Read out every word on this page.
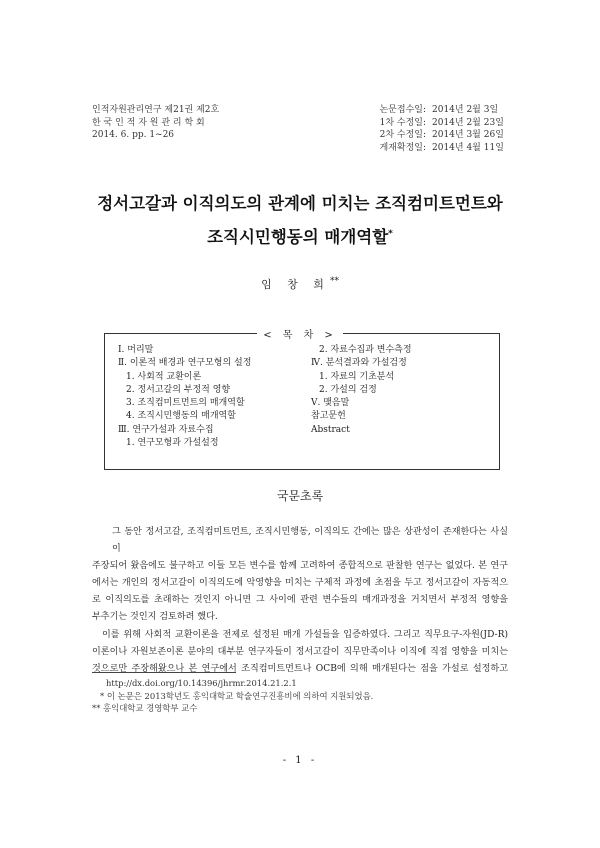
인적자원관리연구 제21권 제2호
한 국 인 적 자 원 관 리 학 회
2014. 6. pp. 1~26
논문접수일: 2014년 2월 3일
1차 수정일: 2014년 2월 23일
2차 수정일: 2014년 3월 26일
게재확정일: 2014년 4월 11일
정서고갈과 이직의도의 관계에 미치는 조직컴미트먼트와
조직시민행동의 매개역할*
임 창 희**
< 목 차 >
Ⅰ. 머리말
Ⅱ. 이론적 배경과 연구모형의 설정
1. 사회적 교환이론
2. 정서고갈의 부정적 영향
3. 조직컴미트먼트의 매개역할
4. 조직시민행동의 매개역할
Ⅲ. 연구가설과 자료수집
1. 연구모형과 가설설정
2. 자료수집과 변수측정
Ⅳ. 분석결과와 가설검정
1. 자료의 기초분석
2. 가설의 검정
Ⅴ. 맺음말
참고문헌
Abstract
국문초록

그 동안 정서고갈, 조직컴미트먼트, 조직시민행동, 이직의도 간에는 많은 상관성이 존재한다는 사실이

주장되어 왔음에도 불구하고 이들 모든 변수를 함께 고려하여 종합적으로 판찰한 연구는 없었다. 본 연구

에서는 개인의 정서고갈이 이직의도에 악영향을 미치는 구체적 과정에 초점을 두고 정서고갈이 자동적으

로 이직의도를 초래하는 것인지 아니면 그 사이에 관련 변수들의 매개과정을 거치면서 부정적 영향을

부추기는 것인지 검토하려 했다.

이를 위해 사회적 교환이론을 전제로 설정된 매개 가설들을 입증하였다. 그리고 직무요구-자원(JD-R)

이론이나 자원보존이론 분야의 대부분 연구자들이 정서고갈이 직무만족이나 이직에 직접 영향을 미치는

것으로만 주장해왔으나 본 연구에서 조직컴미트먼트나 OCB에 의해 매개된다는 점을 가설로 설정하고

http://dx.doi.org/10.14396/jhrmr.2014.21.2.1
* 이 논문은 2013학년도 홍익대학교 학술연구진흥비에 의하여 지원되었음.
** 홍익대학교 경영학부 교수
- 1 -
